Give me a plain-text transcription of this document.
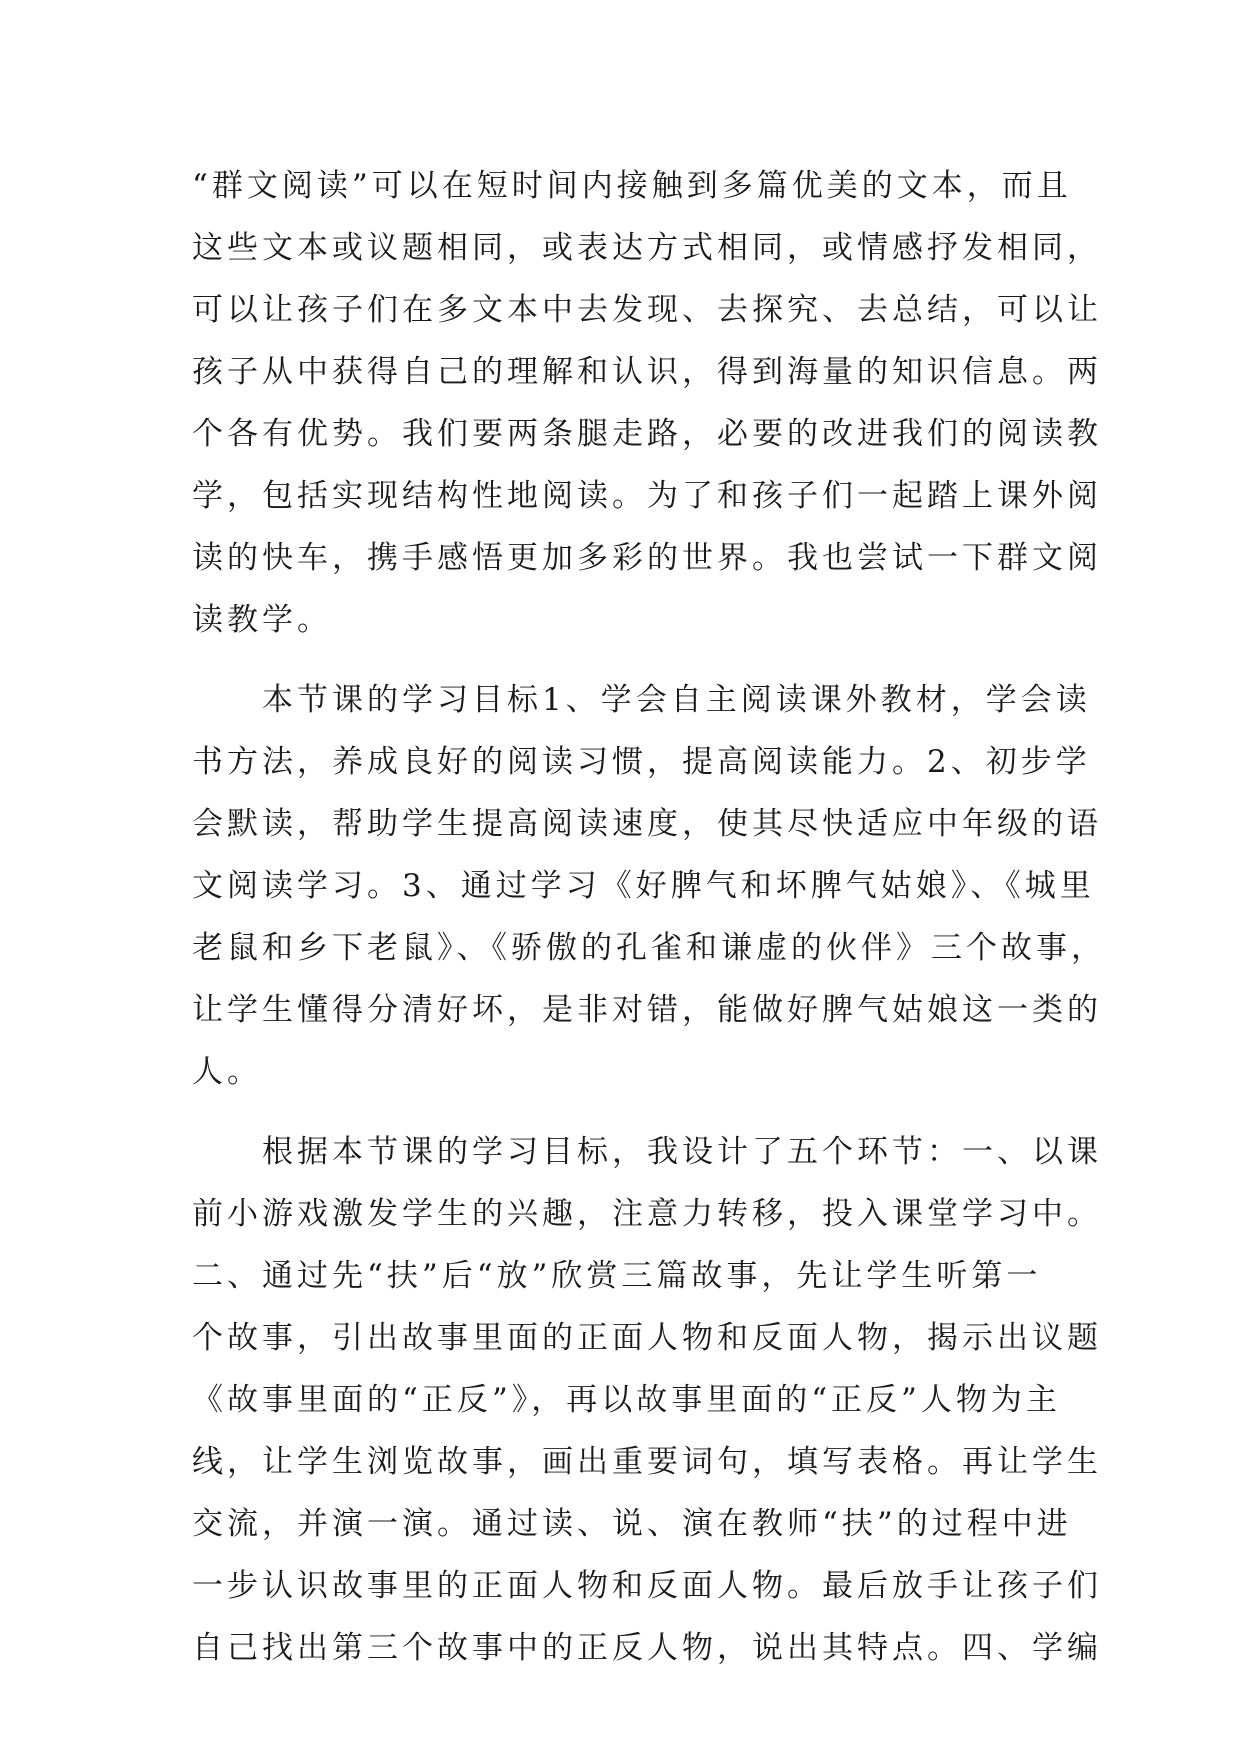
“群文阅读”可以在短时间内接触到多篇优美的文本，而且
这些文本或议题相同，或表达方式相同，或情感抒发相同，
可以让孩子们在多文本中去发现、去探究、去总结，可以让
孩子从中获得自己的理解和认识，得到海量的知识信息。两
个各有优势。我们要两条腿走路，必要的改进我们的阅读教
学，包括实现结构性地阅读。为了和孩子们一起踏上课外阅
读的快车，携手感悟更加多彩的世界。我也尝试一下群文阅
读教学。
　　本节课的学习目标1、学会自主阅读课外教材，学会读
书方法，养成良好的阅读习惯，提高阅读能力。2、初步学
会默读，帮助学生提高阅读速度，使其尽快适应中年级的语
文阅读学习。3、通过学习《好脾气和坏脾气姑娘》、《城里
老鼠和乡下老鼠》、《骄傲的孔雀和谦虚的伙伴》三个故事，
让学生懂得分清好坏，是非对错，能做好脾气姑娘这一类的
人。
　　根据本节课的学习目标，我设计了五个环节：一、以课
前小游戏激发学生的兴趣，注意力转移，投入课堂学习中。
二、通过先“扶”后“放”欣赏三篇故事，先让学生听第一
个故事，引出故事里面的正面人物和反面人物，揭示出议题
《故事里面的“正反”》，再以故事里面的“正反”人物为主
线，让学生浏览故事，画出重要词句，填写表格。再让学生
交流，并演一演。通过读、说、演在教师“扶”的过程中进
一步认识故事里的正面人物和反面人物。最后放手让孩子们
自己找出第三个故事中的正反人物，说出其特点。四、学编
